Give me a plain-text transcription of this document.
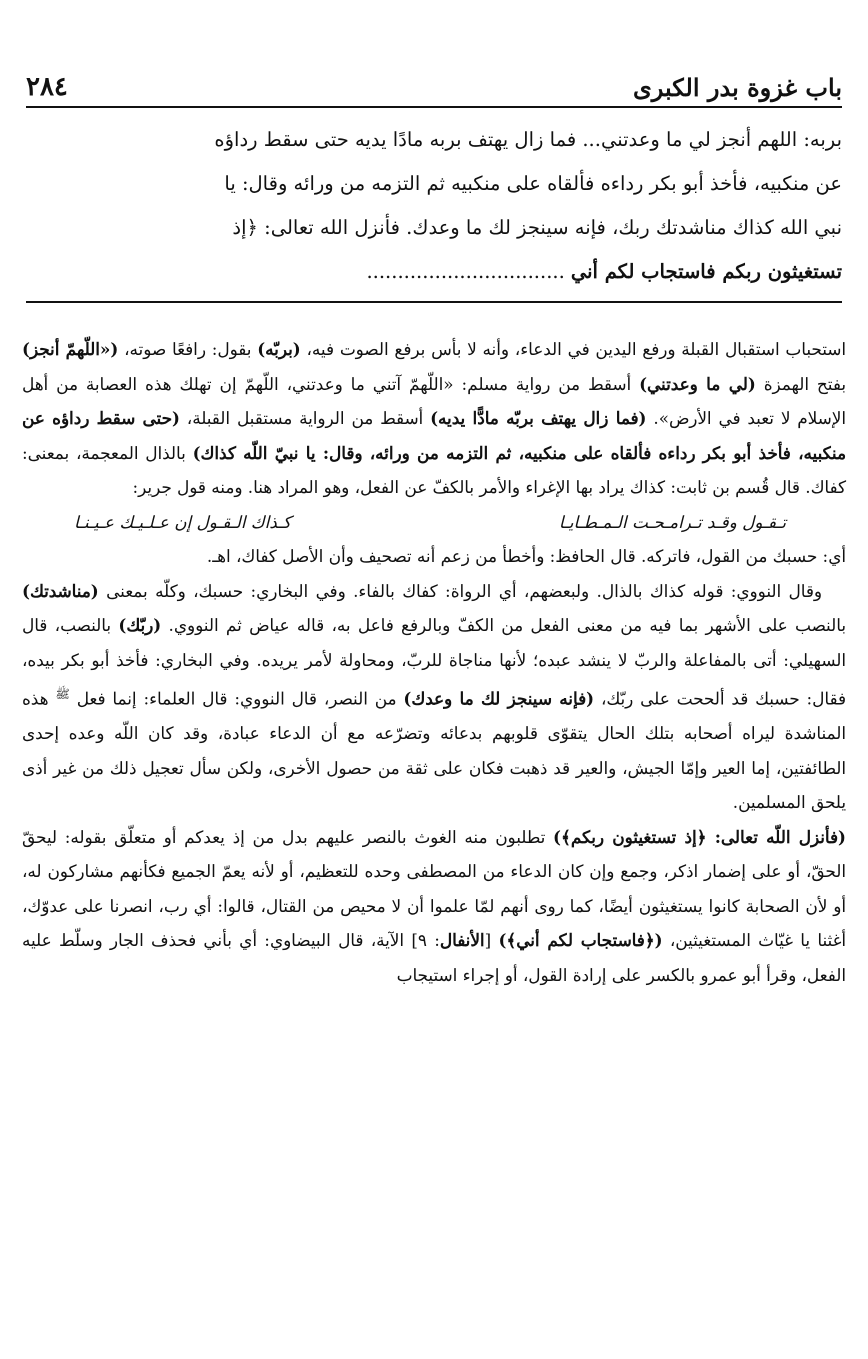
باب غزوة بدر الكبرى
٢٨٤

بربه: اللهم أنجز لي ما وعدتني... فما زال يهتف بربه مادًا يديه حتى سقط رداؤه

عن منكبيه، فأخذ أبو بكر رداءه فألقاه على منكبيه ثم التزمه من ورائه وقال: يا

نبي الله كذاك مناشدتك ربك، فإنه سينجز لك ما وعدك. فأنزل الله تعالى: ﴿إذ

تستغيثون ربكم فاستجاب لكم أني................................

استحباب استقبال القبلة ورفع اليدين في الدعاء، وأنه لا بأس برفع الصوت فيه، (بربّه) بقول: رافعًا صوته، («اللّهمّ أنجز) بفتح الهمزة (لي ما وعدتني) أسقط من رواية مسلم: «اللّهمّ آتني ما وعدتني، اللّهمّ إن تهلك هذه العصابة من أهل الإسلام لا تعبد في الأرض». (فما زال يهتف بربّه مادًّا يديه) أسقط من الرواية مستقبل القبلة، (حتى سقط رداؤه عن منكبيه، فأخذ أبو بكر رداءه فألقاه على منكبيه، ثم التزمه من ورائه، وقال: يا نبيّ اللّه كذاك) بالذال المعجمة، بمعنى: كفاك. قال قُسم بن ثابت: كذاك يراد بها الإغراء والأمر بالكفّ عن الفعل، وهو المراد هنا. ومنه قول جرير:

تـقـول وقـد تـرامـحـت الـمـطـايـا
كـذاك الـقـول إن عـلـيـك عـيـنـا

أي: حسبك من القول، فاتركه. قال الحافظ: وأخطأ من زعم أنه تصحيف وأن الأصل كفاك، اهـ.

وقال النووي: قوله كذاك بالذال. ولبعضهم، أي الرواة: كفاك بالفاء. وفي البخاري: حسبك، وكلّه بمعنى (مناشدتك) بالنصب على الأشهر بما فيه من معنى الفعل من الكفّ وبالرفع فاعل به، قاله عياض ثم النووي. (ربّك) بالنصب، قال السهيلي: أتى بالمفاعلة والربّ لا ينشد عبده؛ لأنها مناجاة للربّ، ومحاولة لأمر يريده. وفي البخاري: فأخذ أبو بكر بيده، فقال: حسبك قد ألححت على ربّك، (فإنه سينجز لك ما وعدك) من النصر، قال النووي: قال العلماء: إنما فعل $^ﷺ$ هذه المناشدة ليراه أصحابه بتلك الحال يتقوّى قلوبهم بدعائه وتضرّعه مع أن الدعاء عبادة، وقد كان اللّه وعده إحدى الطائفتين، إما العير وإمّا الجيش، والعير قد ذهبت فكان على ثقة من حصول الأخرى، ولكن سأل تعجيل ذلك من غير أذى يلحق المسلمين.

(فأنزل اللّه تعالى: ﴿إذ تستغيثون ربكم﴾) تطلبون منه الغوث بالنصر عليهم بدل من إذ يعدكم أو متعلّق بقوله: ليحقّ الحقّ، أو على إضمار اذكر، وجمع وإن كان الدعاء من المصطفى وحده للتعظيم، أو لأنه يعمّ الجميع فكأنهم مشاركون له، أو لأن الصحابة كانوا يستغيثون أيضًا، كما روى أنهم لمّا علموا أن لا محيص من القتال، قالوا: أي رب، انصرنا على عدوّك، أغثنا يا غيّاث المستغيثين، (﴿فاستجاب لكم أني﴾) [الأنفال: ٩] الآية، قال البيضاوي: أي بأني فحذف الجار وسلّط عليه الفعل، وقرأ أبو عمرو بالكسر على إرادة القول، أو إجراء استيجاب
